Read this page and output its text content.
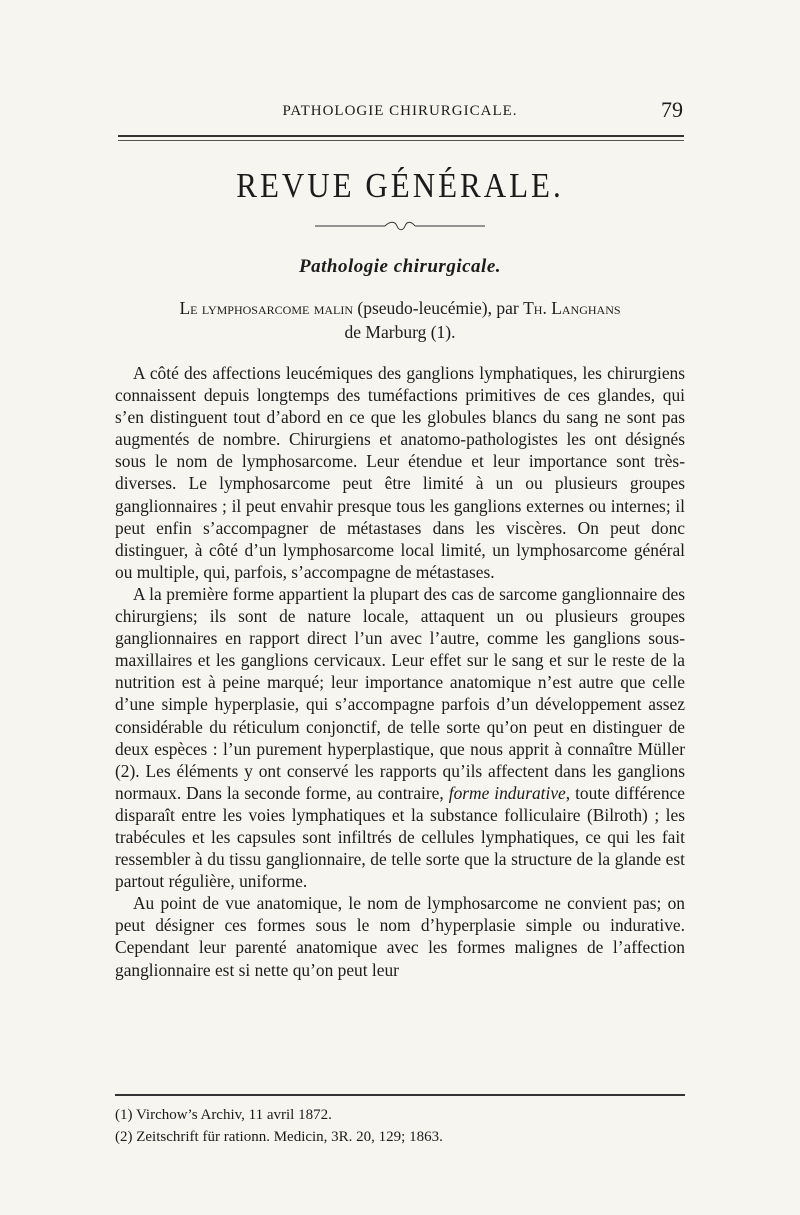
PATHOLOGIE CHIRURGICALE.	79
REVUE GÉNÉRALE.
Pathologie chirurgicale.
Le lymphosarcome malin (pseudo-leucémie), par Th. Langhans
de Marburg (1).

A côté des affections leucémiques des ganglions lymphatiques, les chirurgiens connaissent depuis longtemps des tuméfactions primitives de ces glandes, qui s’en distinguent tout d’abord en ce que les globules blancs du sang ne sont pas augmentés de nombre. Chirurgiens et anatomo-pathologistes les ont désignés sous le nom de lymphosarcome. Leur étendue et leur importance sont très-diverses. Le lymphosarcome peut être limité à un ou plusieurs groupes ganglionnaires ; il peut envahir presque tous les ganglions externes ou internes; il peut enfin s’accompagner de métastases dans les viscères. On peut donc distinguer, à côté d’un lymphosarcome local limité, un lymphosarcome général ou multiple, qui, parfois, s’accompagne de métastases.

A la première forme appartient la plupart des cas de sarcome ganglionnaire des chirurgiens; ils sont de nature locale, attaquent un ou plusieurs groupes ganglionnaires en rapport direct l’un avec l’autre, comme les ganglions sous-maxillaires et les ganglions cervicaux. Leur effet sur le sang et sur le reste de la nutrition est à peine marqué; leur importance anatomique n’est autre que celle d’une simple hyperplasie, qui s’accompagne parfois d’un développement assez considérable du réticulum conjonctif, de telle sorte qu’on peut en distinguer de deux espèces : l’un purement hyperplastique, que nous apprit à connaître Müller (2). Les éléments y ont conservé les rapports qu’ils affectent dans les ganglions normaux. Dans la seconde forme, au contraire, forme indurative, toute différence disparaît entre les voies lymphatiques et la substance folliculaire (Bilroth) ; les trabécules et les capsules sont infiltrés de cellules lymphatiques, ce qui les fait ressembler à du tissu ganglionnaire, de telle sorte que la structure de la glande est partout régulière, uniforme.

Au point de vue anatomique, le nom de lymphosarcome ne convient pas; on peut désigner ces formes sous le nom d’hyperplasie simple ou indurative. Cependant leur parenté anatomique avec les formes malignes de l’affection ganglionnaire est si nette qu’on peut leur

(1) Virchow’s Archiv, 11 avril 1872.

(2) Zeitschrift für rationn. Medicin, 3R. 20, 129; 1863.
